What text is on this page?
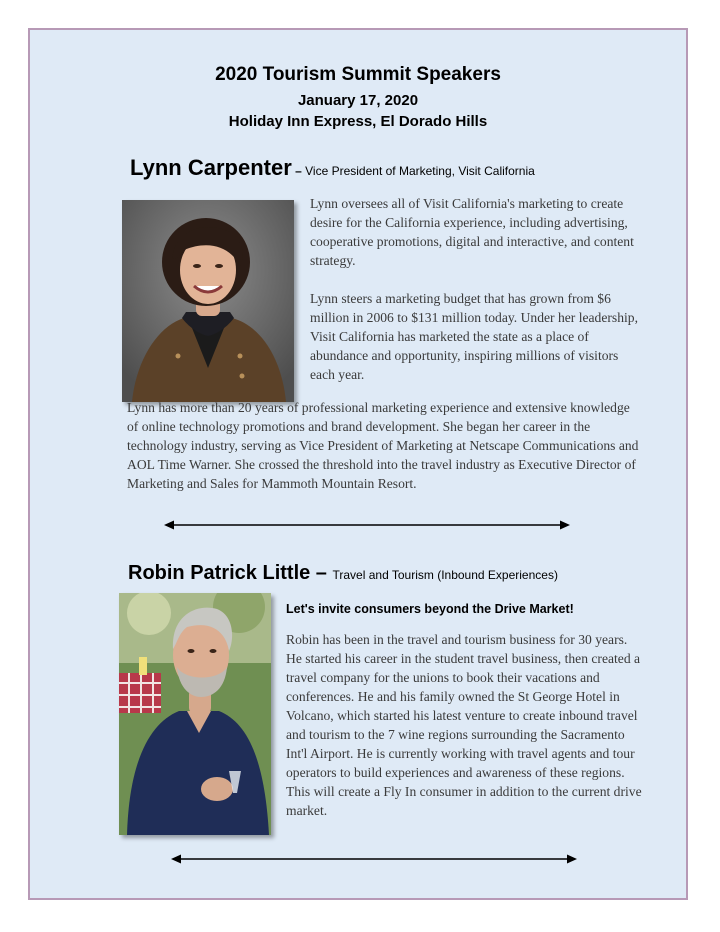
2020 Tourism Summit Speakers
January 17, 2020
Holiday Inn Express, El Dorado Hills
Lynn Carpenter – Vice President of Marketing, Visit California

Lynn oversees all of Visit California's marketing to create desire for the California experience, including advertising, cooperative promotions, digital and interactive, and content strategy.

Lynn steers a marketing budget that has grown from $6 million in 2006 to $131 million today. Under her leadership, Visit California has marketed the state as a place of abundance and opportunity, inspiring millions of visitors each year.

Lynn has more than 20 years of professional marketing experience and extensive knowledge of online technology promotions and brand development. She began her career in the technology industry, serving as Vice President of Marketing at Netscape Communications and AOL Time Warner. She crossed the threshold into the travel industry as Executive Director of Marketing and Sales for Mammoth Mountain Resort.

Robin Patrick Little – Travel and Tourism (Inbound Experiences)
Let's invite consumers beyond the Drive Market!

Robin has been in the travel and tourism business for 30 years. He started his career in the student travel business, then created a travel company for the unions to book their vacations and conferences. He and his family owned the St George Hotel in Volcano, which started his latest venture to create inbound travel and tourism to the 7 wine regions surrounding the Sacramento Int'l Airport. He is currently working with travel agents and tour operators to build experiences and awareness of these regions. This will create a Fly In consumer in addition to the current drive market.
